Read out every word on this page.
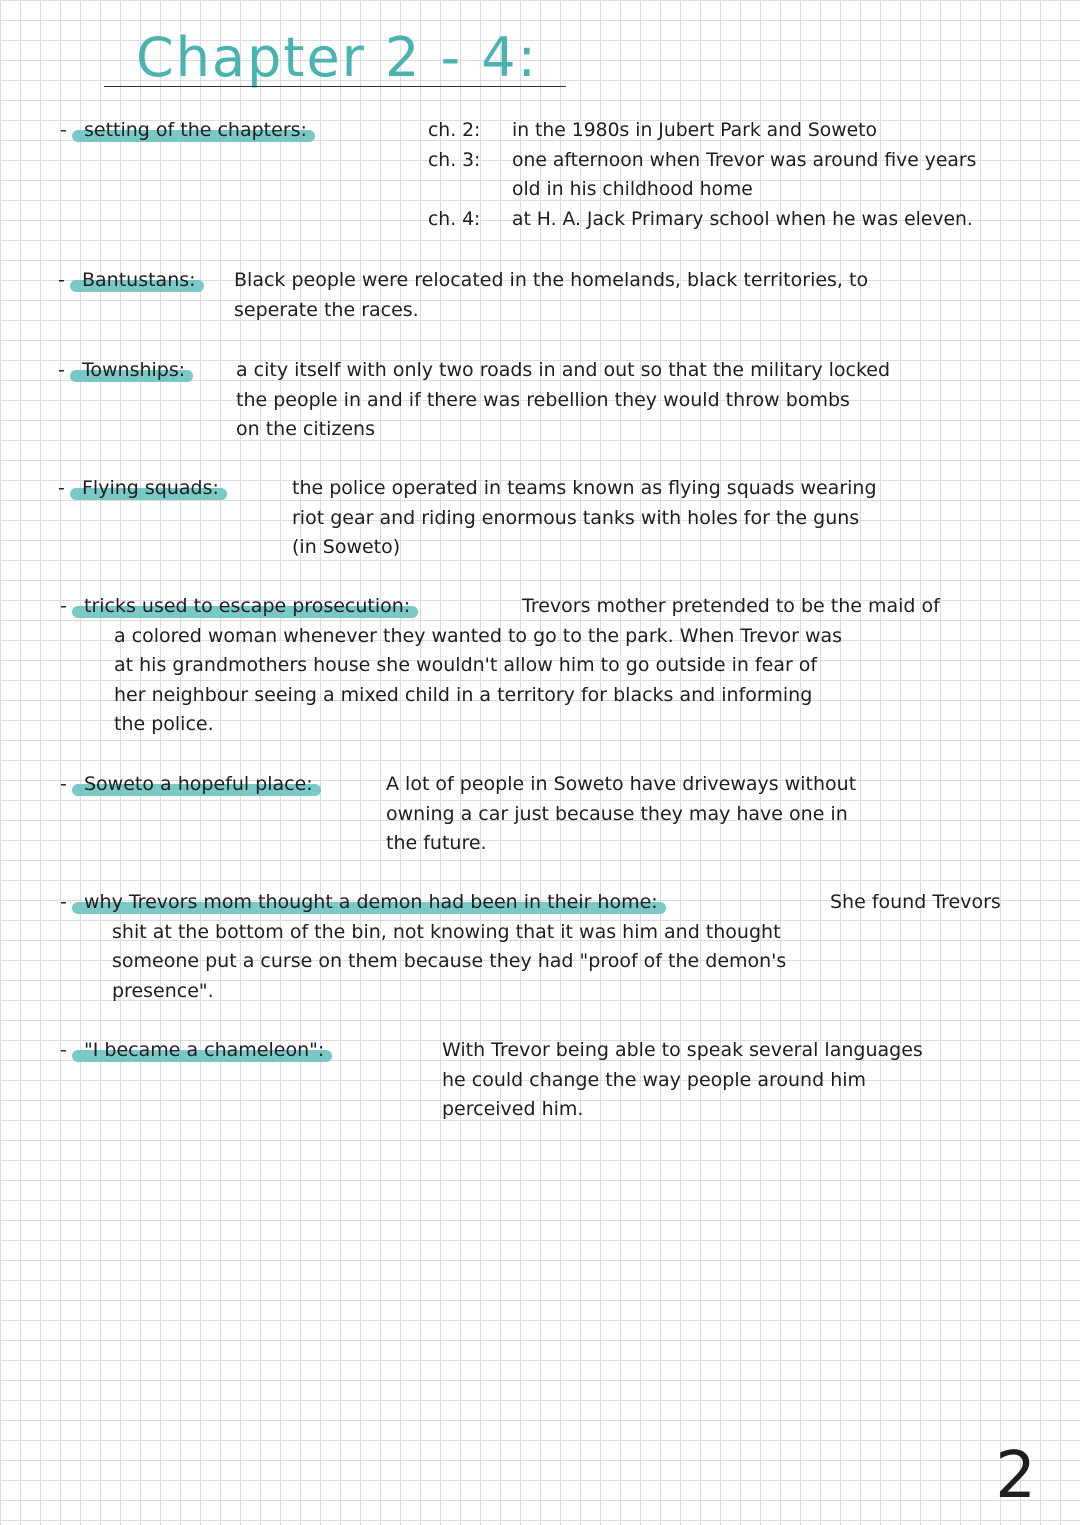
Chapter 2 - 4:
- setting of the chapters:	ch. 2:	in the 1980s in Jubert Park and Soweto
ch. 3:	one afternoon when Trevor was around five years
old in his childhood home
ch. 4:	at H. A. Jack Primary school when he was eleven.
- Bantustans: Black people were relocated in the homelands, black territories, to
seperate the races.
- Townships:	a city itself with only two roads in and out so that the military locked
the people in and if there was rebellion they would throw bombs
on the citizens
- Flying squads:	the police operated in teams known as flying squads wearing
riot gear and riding enormous tanks with holes for the guns
(in Soweto)
- tricks used to escape prosecution:	Trevors mother pretended to be the maid of
a colored woman whenever they wanted to go to the park. When Trevor was
at his grandmothers house she wouldn't allow him to go outside in fear of
her neighbour seeing a mixed child in a territory for blacks and informing
the police.
- Soweto a hopeful place:	A lot of people in Soweto have driveways without
owning a car just because they may have one in
the future.
- why Trevors mom thought a demon had been in their home:	She found Trevors
shit at the bottom of the bin, not knowing that it was him and thought
someone put a curse on them because they had "proof of the demon's
presence".
- "I became a chameleon":	With Trevor being able to speak several languages
he could change the way people around him
perceived him.
2
